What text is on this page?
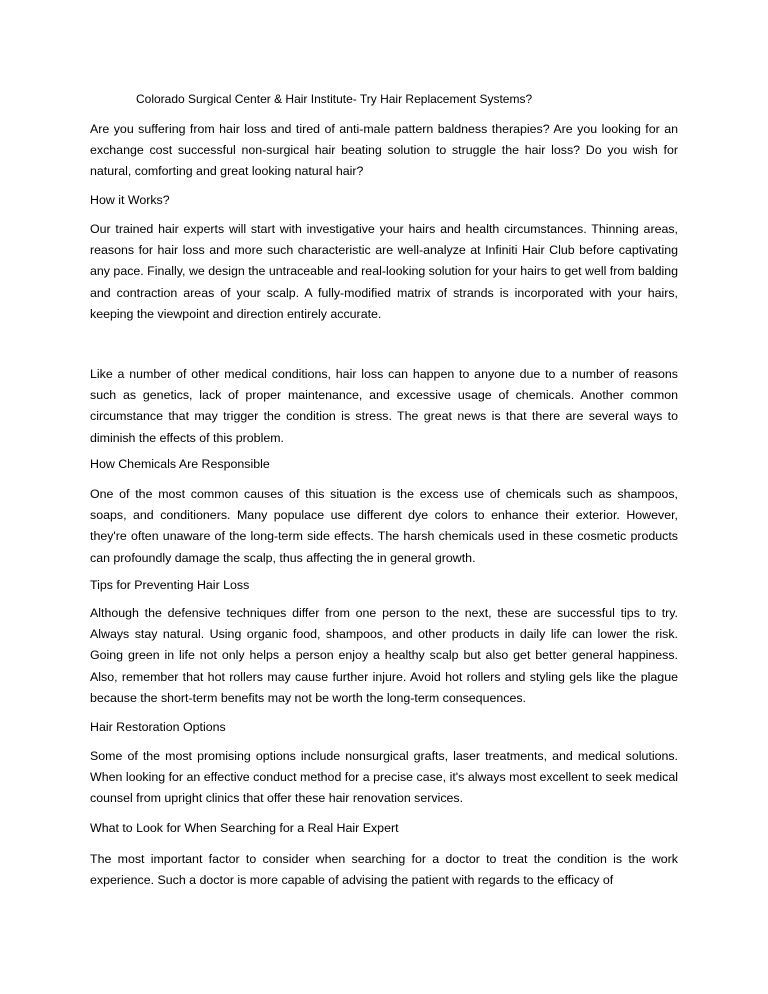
Colorado Surgical Center & Hair Institute- Try Hair Replacement Systems?

Are you suffering from hair loss and tired of anti-male pattern baldness therapies? Are you looking for an exchange cost successful non-surgical hair beating solution to struggle the hair loss? Do you wish for natural, comforting and great looking natural hair?

How it Works?

Our trained hair experts will start with investigative your hairs and health circumstances. Thinning areas, reasons for hair loss and more such characteristic are well-analyze at Infiniti Hair Club before captivating any pace. Finally, we design the untraceable and real-looking solution for your hairs to get well from balding and contraction areas of your scalp. A fully-modified matrix of strands is incorporated with your hairs, keeping the viewpoint and direction entirely accurate.

Like a number of other medical conditions, hair loss can happen to anyone due to a number of reasons such as genetics, lack of proper maintenance, and excessive usage of chemicals. Another common circumstance that may trigger the condition is stress. The great news is that there are several ways to diminish the effects of this problem.

How Chemicals Are Responsible

One of the most common causes of this situation is the excess use of chemicals such as shampoos, soaps, and conditioners. Many populace use different dye colors to enhance their exterior. However, they're often unaware of the long-term side effects. The harsh chemicals used in these cosmetic products can profoundly damage the scalp, thus affecting the in general growth.

Tips for Preventing Hair Loss

Although the defensive techniques differ from one person to the next, these are successful tips to try. Always stay natural. Using organic food, shampoos, and other products in daily life can lower the risk. Going green in life not only helps a person enjoy a healthy scalp but also get better general happiness. Also, remember that hot rollers may cause further injure. Avoid hot rollers and styling gels like the plague because the short-term benefits may not be worth the long-term consequences.

Hair Restoration Options

Some of the most promising options include nonsurgical grafts, laser treatments, and medical solutions. When looking for an effective conduct method for a precise case, it's always most excellent to seek medical counsel from upright clinics that offer these hair renovation services.

What to Look for When Searching for a Real Hair Expert

The most important factor to consider when searching for a doctor to treat the condition is the work experience. Such a doctor is more capable of advising the patient with regards to the efficacy of
